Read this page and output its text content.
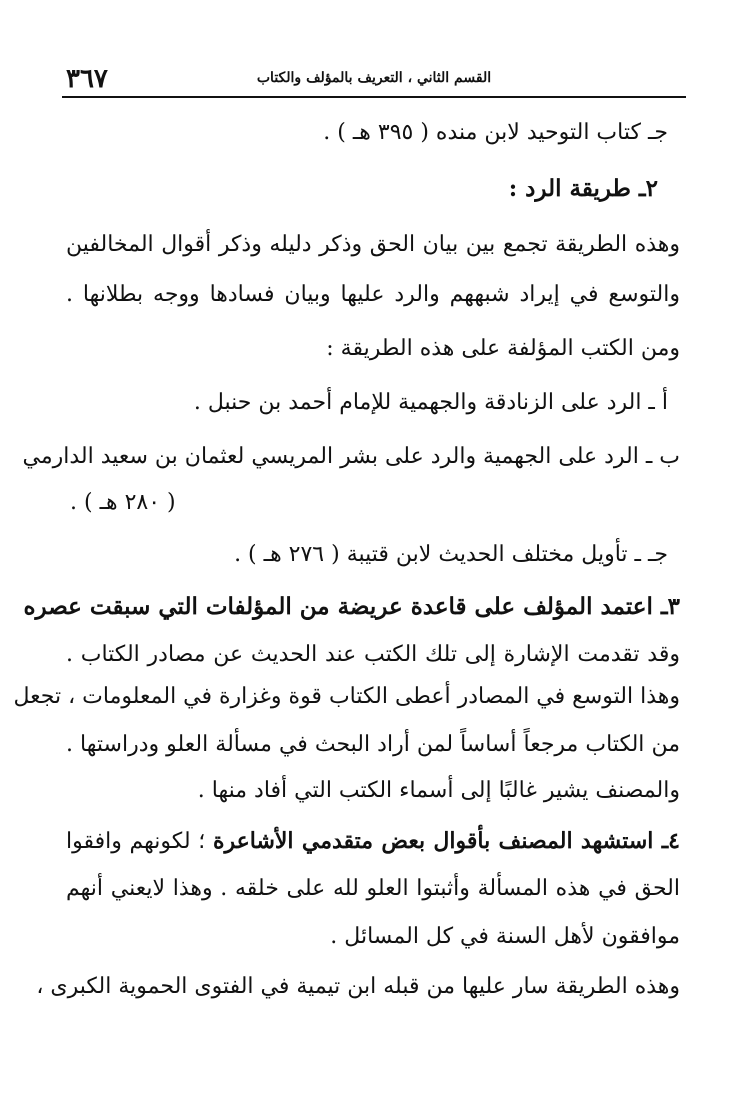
٣٦٧	القسم الثاني ، التعريف بالمؤلف والكتاب
جـ كتاب التوحيد لابن منده ( ٣٩٥ هـ ) .
٢ـ طريقة الرد :
وهذه الطريقة تجمع بين بيان الحق وذكر دليله وذكر أقوال المخالفين
والتوسع في إيراد شبههم والرد عليها وبيان فسادها ووجه بطلانها .
ومن الكتب المؤلفة على هذه الطريقة :
أ ـ الرد على الزنادقة والجهمية للإمام أحمد بن حنبل .
ب ـ الرد على الجهمية والرد على بشر المريسي لعثمان بن سعيد الدارمي
( ٢٨٠ هـ ) .
جـ ـ تأويل مختلف الحديث لابن قتيبة ( ٢٧٦ هـ ) .
٣ـ اعتمد المؤلف على قاعدة عريضة من المؤلفات التي سبقت عصره
وقد تقدمت الإشارة إلى تلك الكتب عند الحديث عن مصادر الكتاب .
وهذا التوسع في المصادر أعطى الكتاب قوة وغزارة في المعلومات ، تجعل
من الكتاب مرجعاً أساساً لمن أراد البحث في مسألة العلو ودراستها .
والمصنف يشير غالبًا إلى أسماء الكتب التي أفاد منها .
٤ـ استشهد المصنف بأقوال بعض متقدمي الأشاعرة ؛ لكونهم وافقوا
الحق في هذه المسألة وأثبتوا العلو لله على خلقه . وهذا لايعني أنهم
موافقون لأهل السنة في كل المسائل .
وهذه الطريقة سار عليها من قبله ابن تيمية في الفتوى الحموية الكبرى ،
